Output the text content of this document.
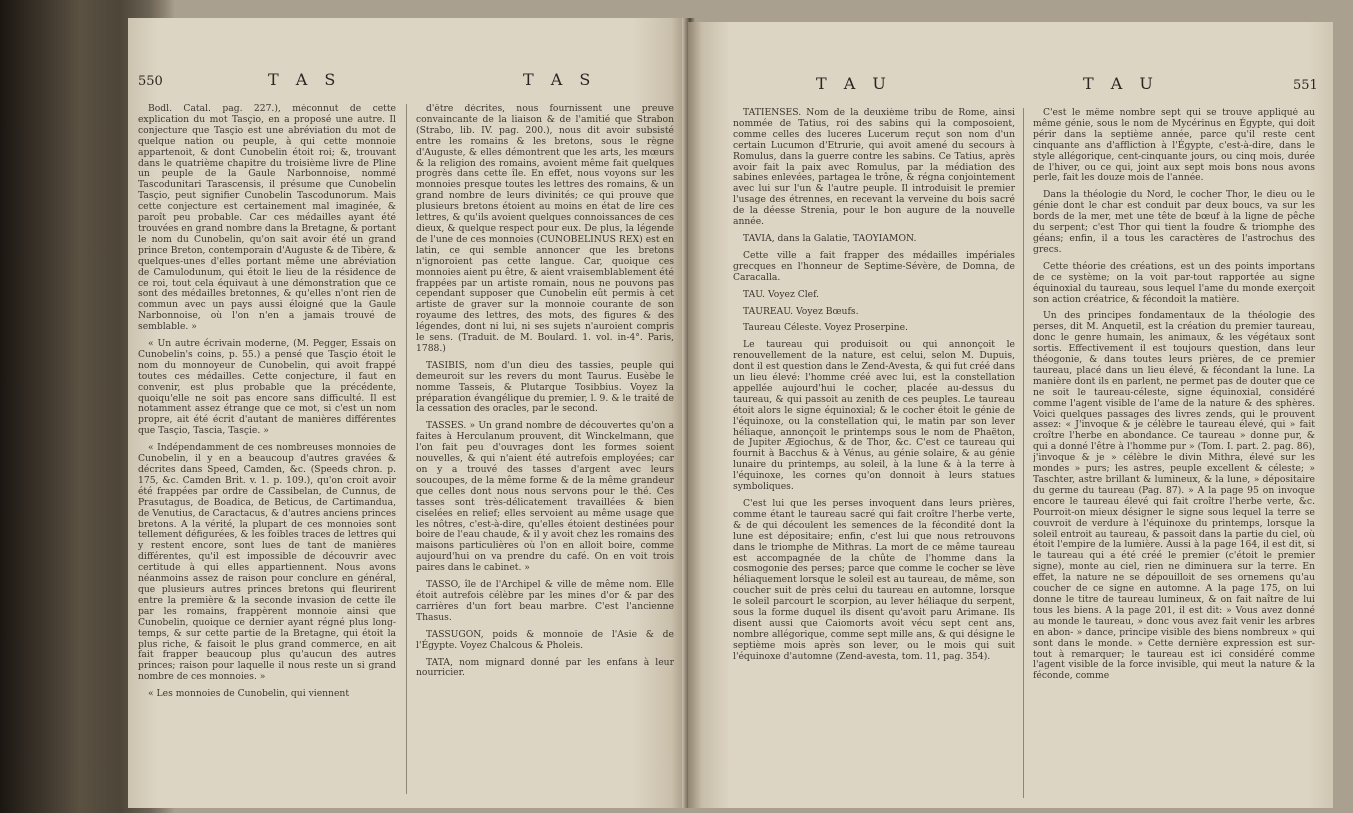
550	T A S	T A S

Bodl. Catal. pag. 227.), méconnut de cette explication du mot Tasçio, en a proposé une autre. Il conjecture que Tasçio est une abréviation du mot de quelque nation ou peuple, à qui cette monnoie appartenoit, & dont Cunobelin étoit roi; &, trouvant dans le quatrième chapitre du troisième livre de Pline un peuple de la Gaule Narbonnoise, nommé Tascodunitari Tarascensis, il présume que Cunobelin Tasçio, peut signifier Cunobelin Tascodunorum. Mais cette conjecture est certainement mal imaginée, & paroît peu probable. Car ces médailles ayant été trouvées en grand nombre dans la Bretagne, & portant le nom du Cunobelin, qu'on sait avoir été un grand prince Breton, contemporain d'Auguste & de Tibère, & quelques-unes d'elles portant même une abréviation de Camulodunum, qui étoit le lieu de la résidence de ce roi, tout cela équivaut à une démonstration que ce sont des médailles bretonnes, & qu'elles n'ont rien de commun avec un pays aussi éloigné que la Gaule Narbonnoise, où l'on n'en a jamais trouvé de semblable. »

« Un autre écrivain moderne, (M. Pegger, Essais on Cunobelin's coins, p. 55.) a pensé que Tasçio étoit le nom du monnoyeur de Cunobelin, qui avoit frappé toutes ces médailles. Cette conjecture, il faut en convenir, est plus probable que la précédente, quoiqu'elle ne soit pas encore sans difficulté. Il est notamment assez étrange que ce mot, si c'est un nom propre, ait été écrit d'autant de manières différentes que Tasçio, Tascia, Tasçie. »

« Indépendamment de ces nombreuses monnoies de Cunobelin, il y en a beaucoup d'autres gravées & décrites dans Speed, Camden, &c. (Speeds chron. p. 175, &c. Camden Brit. v. 1. p. 109.), qu'on croit avoir été frappées par ordre de Cassibelan, de Cunnus, de Prasutagus, de Boadica, de Beticus, de Cartimandua, de Venutius, de Caractacus, & d'autres anciens princes bretons. A la vérité, la plupart de ces monnoies sont tellement défigurées, & les foibles traces de lettres qui y restent encore, sont lues de tant de manières différentes, qu'il est impossible de découvrir avec certitude à qui elles appartiennent. Nous avons néanmoins assez de raison pour conclure en général, que plusieurs autres princes bretons qui fleurirent entre la première & la seconde invasion de cette île par les romains, frappèrent monnoie ainsi que Cunobelin, quoique ce dernier ayant régné plus long-temps, & sur cette partie de la Bretagne, qui étoit la plus riche, & faisoit le plus grand commerce, en ait fait frapper beaucoup plus qu'aucun des autres princes; raison pour laquelle il nous reste un si grand nombre de ces monnoies. »

« Les monnoies de Cunobelin, qui viennent

d'être décrites, nous fournissent une preuve convaincante de la liaison & de l'amitié que Strabon (Strabo, lib. IV. pag. 200.), nous dit avoir subsisté entre les romains & les bretons, sous le règne d'Auguste, & elles démontrent que les arts, les mœurs & la religion des romains, avoient même fait quelques progrès dans cette île. En effet, nous voyons sur les monnoies presque toutes les lettres des romains, & un grand nombre de leurs divinités; ce qui prouve que plusieurs bretons étoient au moins en état de lire ces lettres, & qu'ils avoient quelques connoissances de ces dieux, & quelque respect pour eux. De plus, la légende de l'une de ces monnoies (CUNOBELINUS REX) est en latin, ce qui semble annoncer que les bretons n'ignoroient pas cette langue. Car, quoique ces monnoies aient pu être, & aient vraisemblablement été frappées par un artiste romain, nous ne pouvons pas cependant supposer que Cunobelin eût permis à cet artiste de graver sur la monnoie courante de son royaume des lettres, des mots, des figures & des légendes, dont ni lui, ni ses sujets n'auroient compris le sens. (Traduit. de M. Boulard. 1. vol. in-4°. Paris, 1788.)

TASIBIS, nom d'un dieu des tassies, peuple qui demeuroit sur les revers du mont Taurus. Eusèbe le nomme Tasseis, & Plutarque Tosibbius. Voyez la préparation évangélique du premier, l. 9. & le traité de la cessation des oracles, par le second.

TASSES. » Un grand nombre de découvertes qu'on a faites à Herculanum prouvent, dit Winckelmann, que l'on fait peu d'ouvrages dont les formes soient nouvelles, & qui n'aient été autrefois employées; car on y a trouvé des tasses d'argent avec leurs soucoupes, de la même forme & de la même grandeur que celles dont nous nous servons pour le thé. Ces tasses sont très-délicatement travaillées & bien ciselées en relief; elles servoient au même usage que les nôtres, c'est-à-dire, qu'elles étoient destinées pour boire de l'eau chaude, & il y avoit chez les romains des maisons particulières où l'on en alloit boire, comme aujourd'hui on va prendre du café. On en voit trois paires dans le cabinet. »

TASSO, île de l'Archipel & ville de même nom. Elle étoit autrefois célèbre par les mines d'or & par des carrières d'un fort beau marbre. C'est l'ancienne Thasus.

TASSUGON, poids & monnoie de l'Asie & de l'Égypte. Voyez Chalcous & Pholeis.

TATA, nom mignard donné par les enfans à leur nourricier.

T A U	T A U	551

TATIENSES. Nom de la deuxième tribu de Rome, ainsi nommée de Tatius, roi des sabins qui la composoient, comme celles des luceres Lucerum reçut son nom d'un certain Lucumon d'Etrurie, qui avoit amené du secours à Romulus, dans la guerre contre les sabins. Ce Tatius, après avoir fait la paix avec Romulus, par la médiation des sabines enlevées, partagea le trône, & régna conjointement avec lui sur l'un & l'autre peuple. Il introduisit le premier l'usage des étrennes, en recevant la verveine du bois sacré de la déesse Strenia, pour le bon augure de la nouvelle année.

TAVIA, dans la Galatie, TAOYIAMON.

Cette ville a fait frapper des médailles impériales grecques en l'honneur de Septime-Sévère, de Domna, de Caracalla.

TAU. Voyez Clef.

TAUREAU. Voyez Bœufs.

Taureau Céleste. Voyez Proserpine.

Le taureau qui produisoit ou qui annonçoit le renouvellement de la nature, est celui, selon M. Dupuis, dont il est question dans le Zend-Avesta, & qui fut créé dans un lieu élevé: l'homme créé avec lui, est la constellation appellée aujourd'hui le cocher, placée au-dessus du taureau, & qui passoit au zenith de ces peuples. Le taureau étoit alors le signe équinoxial; & le cocher étoit le génie de l'équinoxe, ou la constellation qui, le matin par son lever héliaque, annonçoit le printemps sous le nom de Phaëton, de Jupiter Ægiochus, & de Thor, &c. C'est ce taureau qui fournit à Bacchus & à Vénus, au génie solaire, & au génie lunaire du printemps, au soleil, à la lune & à la terre à l'équinoxe, les cornes qu'on donnoit à leurs statues symboliques.

C'est lui que les perses invoquent dans leurs prières, comme étant le taureau sacré qui fait croître l'herbe verte, & de qui découlent les semences de la fécondité dont la lune est dépositaire; enfin, c'est lui que nous retrouvons dans le triomphe de Mithras. La mort de ce même taureau est accompagnée de la chûte de l'homme dans la cosmogonie des perses; parce que comme le cocher se lève héliaquement lorsque le soleil est au taureau, de même, son coucher suit de près celui du taureau en automne, lorsque le soleil parcourt le scorpion, au lever héliaque du serpent, sous la forme duquel ils disent qu'avoit paru Arimane. Ils disent aussi que Caiomorts avoit vécu sept cent ans, nombre allégorique, comme sept mille ans, & qui désigne le septième mois après son lever, ou le mois qui suit l'équinoxe d'automne (Zend-avesta, tom. 11, pag. 354).

C'est le même nombre sept qui se trouve appliqué au même génie, sous le nom de Mycérinus en Égypte, qui doit périr dans la septième année, parce qu'il reste cent cinquante ans d'affliction à l'Égypte, c'est-à-dire, dans le style allégorique, cent-cinquante jours, ou cinq mois, durée de l'hiver, ou ce qui, joint aux sept mois bons nous avons perle, fait les douze mois de l'année.

Dans la théologie du Nord, le cocher Thor, le dieu ou le génie dont le char est conduit par deux boucs, va sur les bords de la mer, met une tête de bœuf à la ligne de pêche du serpent; c'est Thor qui tient la foudre & triomphe des géans; enfin, il a tous les caractères de l'astrochus des grecs.

Cette théorie des créations, est un des points importans de ce système; on la voit par-tout rapportée au signe équinoxial du taureau, sous lequel l'ame du monde exerçoit son action créatrice, & fécondoit la matière.

Un des principes fondamentaux de la théologie des perses, dit M. Anquetil, est la création du premier taureau, donc le genre humain, les animaux, & les végétaux sont sortis. Effectivement il est toujours question, dans leur théogonie, & dans toutes leurs prières, de ce premier taureau, placé dans un lieu élevé, & fécondant la lune. La manière dont ils en parlent, ne permet pas de douter que ce ne soit le taureau-céleste, signe équinoxial, considéré comme l'agent visible de l'ame de la nature & des sphères. Voici quelques passages des livres zends, qui le prouvent assez: « J'invoque & je célèbre le taureau élevé, qui » fait croître l'herbe en abondance. Ce taureau » donne pur, & qui a donné l'être à l'homme pur » (Tom. I. part. 2. pag. 86), j'invoque & je » célèbre le divin Mithra, élevé sur les mondes » purs; les astres, peuple excellent & céleste; » Taschter, astre brillant & lumineux, & la lune, » dépositaire du germe du taureau (Pag. 87). » A la page 95 on invoque encore le taureau élevé qui fait croître l'herbe verte, &c. Pourroit-on mieux désigner le signe sous lequel la terre se couvroit de verdure à l'équinoxe du printemps, lorsque la soleil entroit au taureau, & passoit dans la partie du ciel, où étoit l'empire de la lumière. Aussi à la page 164, il est dit, si le taureau qui a été créé le premier (c'étoit le premier signe), monte au ciel, rien ne diminuera sur la terre. En effet, la nature ne se dépouilloit de ses ornemens qu'au coucher de ce signe en automne. A la page 175, on lui donne le titre de taureau lumineux, & on fait naître de lui tous les biens. A la page 201, il est dit: » Vous avez donné au monde le taureau, » donc vous avez fait venir les arbres en abon- » dance, principe visible des biens nombreux » qui sont dans le monde. » Cette dernière expression est sur-tout à remarquer; le taureau est ici considéré comme l'agent visible de la force invisible, qui meut la nature & la féconde, comme
